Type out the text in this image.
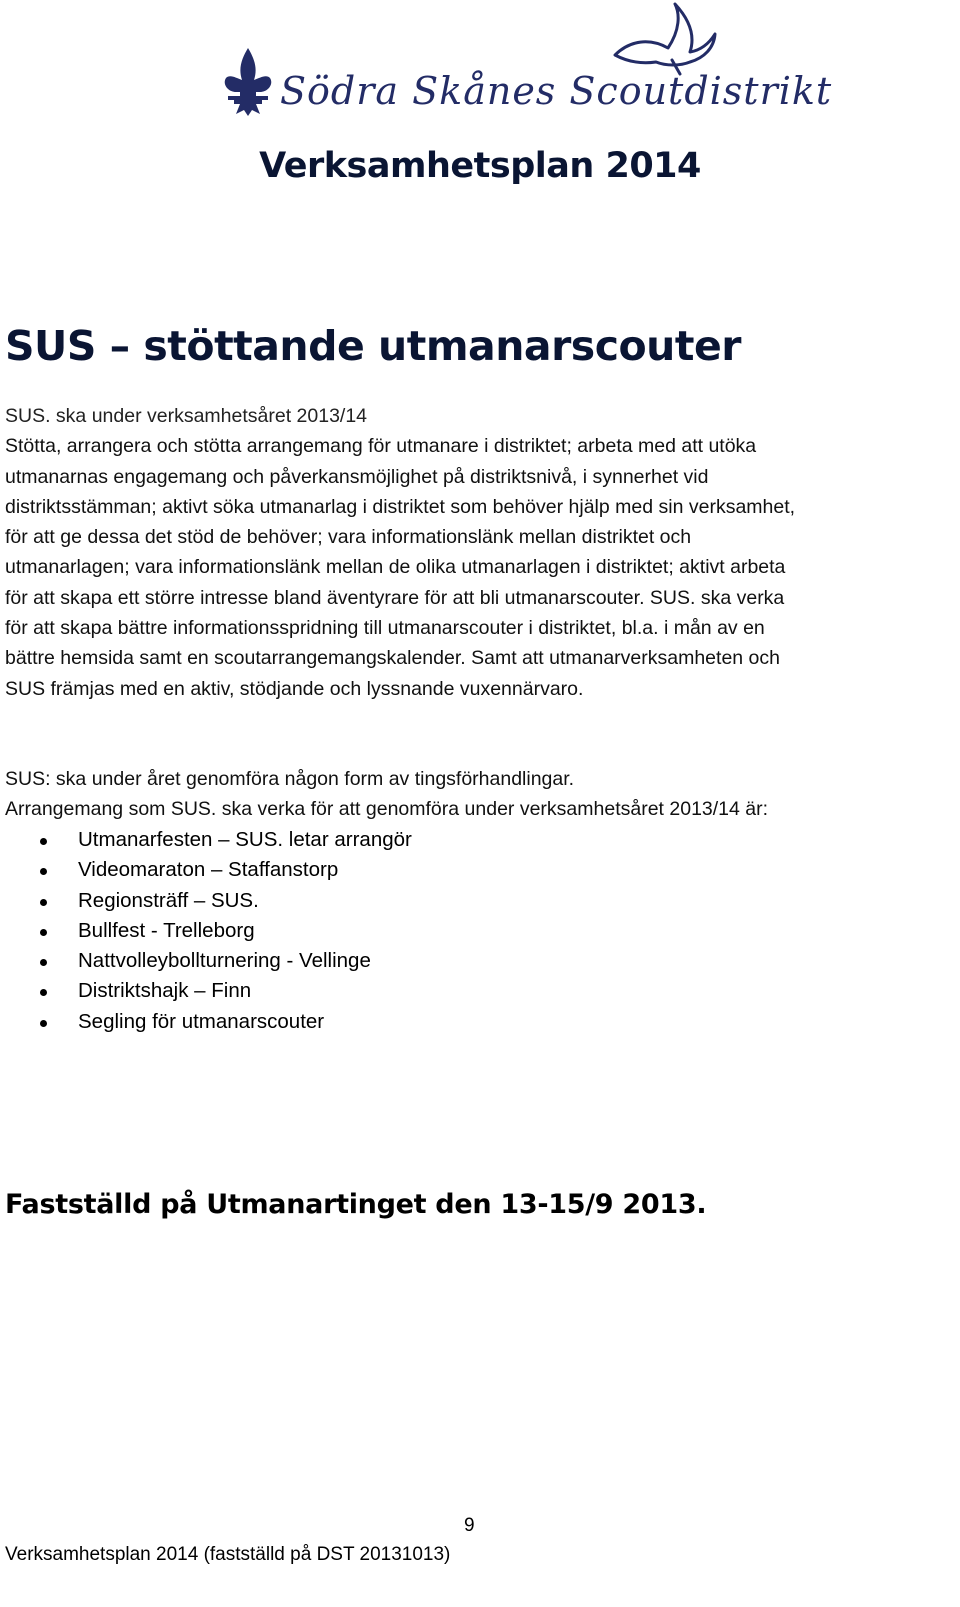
Södra Skånes Scoutdistrikt
Verksamhetsplan 2014
SUS – stöttande utmanarscouter
SUS. ska under verksamhetsåret 2013/14
Stötta, arrangera och stötta arrangemang för utmanare i distriktet; arbeta med att utöka
utmanarnas engagemang och påverkansmöjlighet på distriktsnivå, i synnerhet vid
distriktsstämman; aktivt söka utmanarlag i distriktet som behöver hjälp med sin verksamhet,
för att ge dessa det stöd de behöver; vara informationslänk mellan distriktet och
utmanarlagen; vara informationslänk mellan de olika utmanarlagen i distriktet; aktivt arbeta
för att skapa ett större intresse bland äventyrare för att bli utmanarscouter. SUS. ska verka
för att skapa bättre informationsspridning till utmanarscouter i distriktet, bl.a. i mån av en
bättre hemsida samt en scoutarrangemangskalender. Samt att utmanarverksamheten och
SUS främjas med en aktiv, stödjande och lyssnande vuxennärvaro.
SUS: ska under året genomföra någon form av tingsförhandlingar.
Arrangemang som SUS. ska verka för att genomföra under verksamhetsåret 2013/14 är:
Utmanarfesten – SUS. letar arrangör
Videomaraton – Staffanstorp
Regionsträff – SUS.
Bullfest - Trelleborg
Nattvolleybollturnering - Vellinge
Distriktshajk – Finn
Segling för utmanarscouter
Fastställd på Utmanartinget den 13-15/9 2013.
9
Verksamhetsplan 2014 (fastställd på DST 20131013)
